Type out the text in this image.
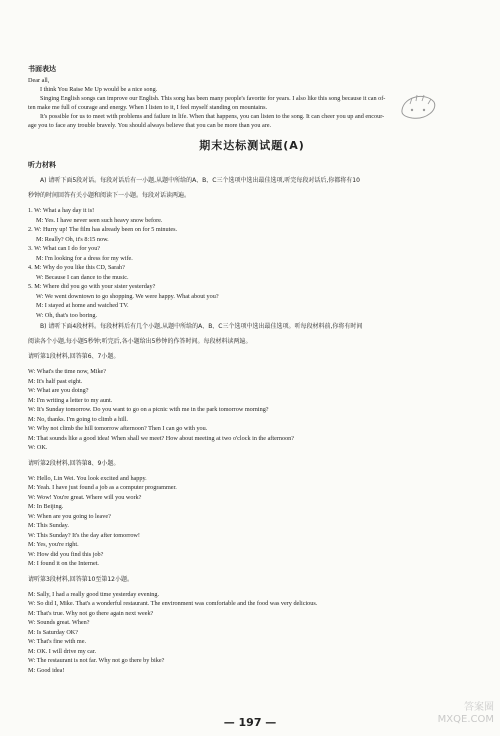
书面表达

Dear all,

I think You Raise Me Up would be a nice song.

Singing English songs can improve our English. This song has been many people's favorite for years. I also like this song because it can of-

ten make me full of courage and energy. When I listen to it, I feel myself standing on mountains.

It's possible for us to meet with problems and failure in life. When that happens, you can listen to the song. It can cheer you up and encour-

age you to face any trouble bravely. You should always believe that you can be more than you are.

期末达标测试题(A)
听力材料

A) 请听下面5段对话。每段对话后有一小题,从题中所给的A、B、C三个选项中选出最佳选项,听完每段对话后,你都将有10

秒钟的时间回答有关小题和阅读下一小题。每段对话读两遍。

1. W: What a hay day it is!

M: Yes. I have never seen such heavy snow before.

2. W: Hurry up! The film has already been on for 5 minutes.

M: Really? Oh, it's 8:15 now.

3. W: What can I do for you?

M: I'm looking for a dress for my wife.

4. M: Why do you like this CD, Sarah?

W: Because I can dance to the music.

5. M: Where did you go with your sister yesterday?

W: We went downtown to go shopping. We were happy. What about you?

M: I stayed at home and watched TV.

W: Oh, that's too boring.

B) 请听下面4段材料。每段材料后有几个小题,从题中所给的A、B、C三个选项中选出最佳选项。听每段材料前,你将有时间

阅读各个小题,每小题5秒钟;听完后,各小题给出5秒钟的作答时间。每段材料读两遍。

请听第1段材料,回答第6、7小题。

W: What's the time now, Mike?

M: It's half past eight.

W: What are you doing?

M: I'm writing a letter to my aunt.

W: It's Sunday tomorrow. Do you want to go on a picnic with me in the park tomorrow morning?

M: No, thanks. I'm going to climb a hill.

W: Why not climb the hill tomorrow afternoon? Then I can go with you.

M: That sounds like a good idea! When shall we meet? How about meeting at two o'clock in the afternoon?

W: OK.

请听第2段材料,回答第8、9小题。

W: Hello, Lin Wei. You look excited and happy.

M: Yeah. I have just found a job as a computer programmer.

W: Wow! You're great. Where will you work?

M: In Beijing.

W: When are you going to leave?

M: This Sunday.

W: This Sunday? It's the day after tomorrow!

M: Yes, you're right.

W: How did you find this job?

M: I found it on the Internet.

请听第3段材料,回答第10至第12小题。

M: Sally, I had a really good time yesterday evening.

W: So did I, Mike. That's a wonderful restaurant. The environment was comfortable and the food was very delicious.

M: That's true. Why not go there again next week?

W: Sounds great. When?

M: Is Saturday OK?

W: That's fine with me.

M: OK. I will drive my car.

W: The restaurant is not far. Why not go there by bike?

M: Good idea!

— 197 —
答案圈 MXQE.COM
